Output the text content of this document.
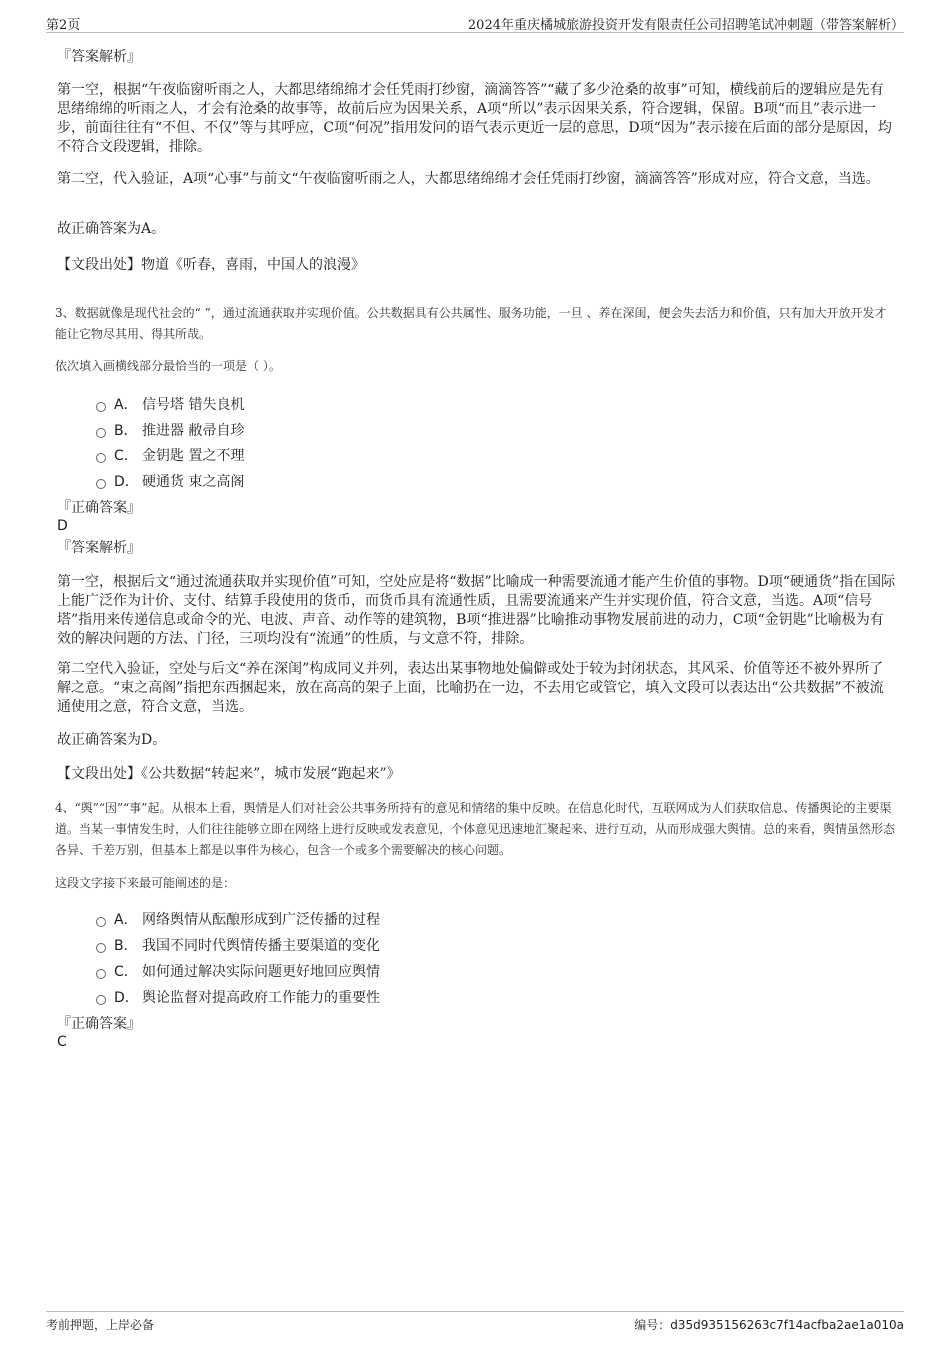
第2页	2024年重庆橘城旅游投资开发有限责任公司招聘笔试冲刺题（带答案解析）
『答案解析』
第一空，根据“午夜临窗听雨之人，大都思绪绵绵才会任凭雨打纱窗，滴滴答答”“藏了多少沧桑的故事”可知，横线前后的逻辑应是先有思绪绵绵的听雨之人，才会有沧桑的故事等，故前后应为因果关系，A项“所以”表示因果关系，符合逻辑，保留。B项“而且”表示进一步，前面往往有“不但、不仅”等与其呼应，C项“何况”指用发问的语气表示更近一层的意思，D项“因为”表示接在后面的部分是原因，均不符合文段逻辑，排除。
第二空，代入验证，A项“心事”与前文“午夜临窗听雨之人，大都思绪绵绵才会任凭雨打纱窗，滴滴答答”形成对应，符合文意，当选。
故正确答案为A。
【文段出处】物道《听春，喜雨，中国人的浪漫》
3、数据就像是现代社会的“ ”，通过流通获取并实现价值。公共数据具有公共属性、服务功能，一旦 、养在深闺，便会失去活力和价值，只有加大开放开发才能让它物尽其用、得其所哉。
依次填入画横线部分最恰当的一项是（ ）。
A． 信号塔 错失良机
B． 推进器 敝帚自珍
C． 金钥匙 置之不理
D． 硬通货 束之高阁
『正确答案』
D
『答案解析』
第一空，根据后文“通过流通获取并实现价值”可知，空处应是将“数据”比喻成一种需要流通才能产生价值的事物。D项“硬通货”指在国际上能广泛作为计价、支付、结算手段使用的货币，而货币具有流通性质，且需要流通来产生并实现价值，符合文意，当选。A项“信号塔”指用来传递信息或命令的光、电波、声音、动作等的建筑物，B项“推进器”比喻推动事物发展前进的动力，C项“金钥匙”比喻极为有效的解决问题的方法、门径，三项均没有“流通”的性质，与文意不符，排除。
第二空代入验证，空处与后文“养在深闺”构成同义并列，表达出某事物地处偏僻或处于较为封闭状态，其风采、价值等还不被外界所了解之意。“束之高阁”指把东西捆起来，放在高高的架子上面，比喻扔在一边，不去用它或管它，填入文段可以表达出“公共数据”不被流通使用之意，符合文意，当选。
故正确答案为D。
【文段出处】《公共数据“转起来”，城市发展“跑起来”》
4、“舆”“因”“事”起。从根本上看，舆情是人们对社会公共事务所持有的意见和情绪的集中反映。在信息化时代，互联网成为人们获取信息、传播舆论的主要渠道。当某一事情发生时，人们往往能够立即在网络上进行反映或发表意见，个体意见迅速地汇聚起来、进行互动，从而形成强大舆情。总的来看，舆情虽然形态各异、千差万别，但基本上都是以事件为核心，包含一个或多个需要解决的核心问题。
这段文字接下来最可能阐述的是：
A． 网络舆情从酝酿形成到广泛传播的过程
B． 我国不同时代舆情传播主要渠道的变化
C． 如何通过解决实际问题更好地回应舆情
D． 舆论监督对提高政府工作能力的重要性
『正确答案』
C
考前押题，上岸必备	编号：d35d935156263c7f14acfba2ae1a010a
